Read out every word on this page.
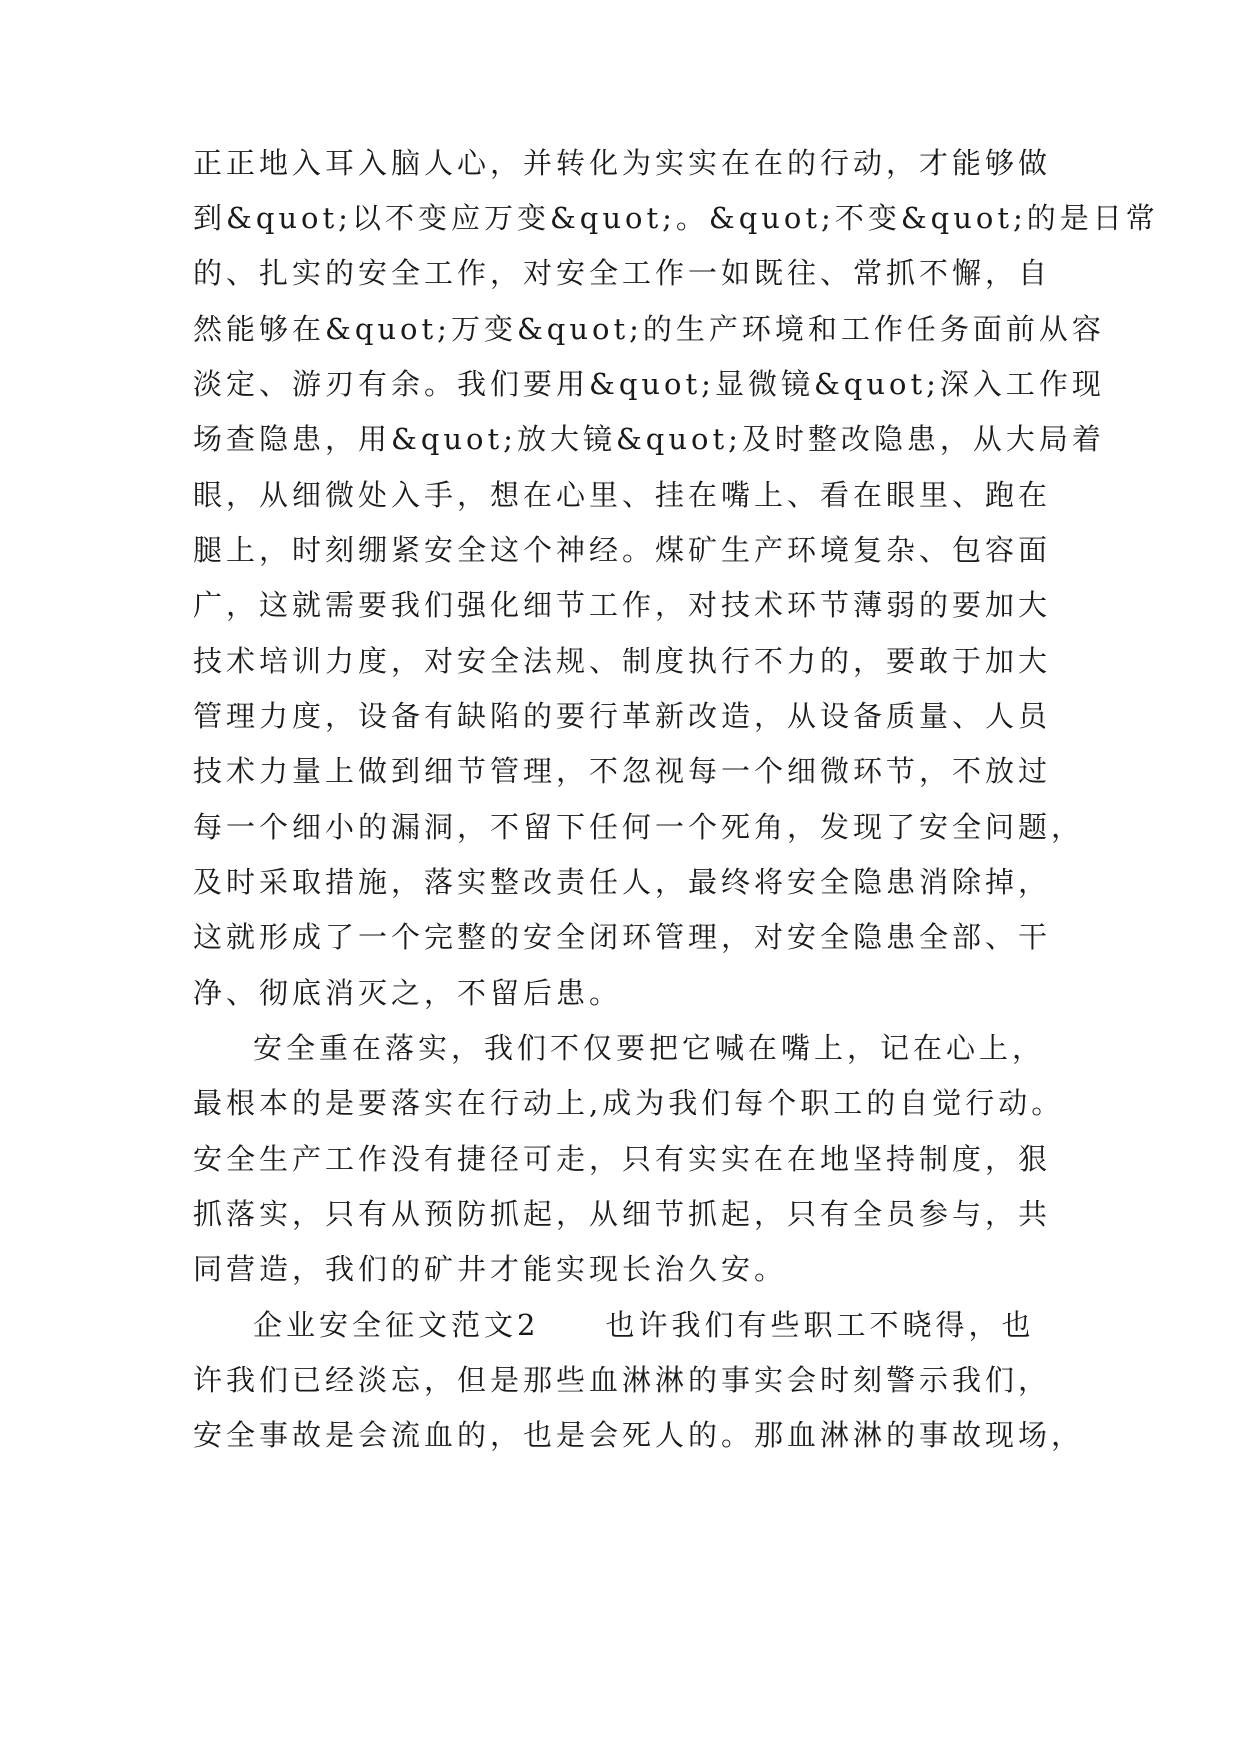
正正地入耳入脑人心，并转化为实实在在的行动，才能够做
到&quot;以不变应万变&quot;。&quot;不变&quot;的是日常
的、扎实的安全工作，对安全工作一如既往、常抓不懈，自
然能够在&quot;万变&quot;的生产环境和工作任务面前从容
淡定、游刃有余。我们要用&quot;显微镜&quot;深入工作现
场查隐患，用&quot;放大镜&quot;及时整改隐患，从大局着
眼，从细微处入手，想在心里、挂在嘴上、看在眼里、跑在
腿上，时刻绷紧安全这个神经。煤矿生产环境复杂、包容面
广，这就需要我们强化细节工作，对技术环节薄弱的要加大
技术培训力度，对安全法规、制度执行不力的，要敢于加大
管理力度，设备有缺陷的要行革新改造，从设备质量、人员
技术力量上做到细节管理，不忽视每一个细微环节，不放过
每一个细小的漏洞，不留下任何一个死角，发现了安全问题，
及时采取措施，落实整改责任人，最终将安全隐患消除掉，
这就形成了一个完整的安全闭环管理，对安全隐患全部、干
净、彻底消灭之，不留后患。
安全重在落实，我们不仅要把它喊在嘴上，记在心上，
最根本的是要落实在行动上,成为我们每个职工的自觉行动。
安全生产工作没有捷径可走，只有实实在在地坚持制度，狠
抓落实，只有从预防抓起，从细节抓起，只有全员参与，共
同营造，我们的矿井才能实现长治久安。
企业安全征文范文2　　也许我们有些职工不晓得，也
许我们已经淡忘，但是那些血淋淋的事实会时刻警示我们，
安全事故是会流血的，也是会死人的。那血淋淋的事故现场，
